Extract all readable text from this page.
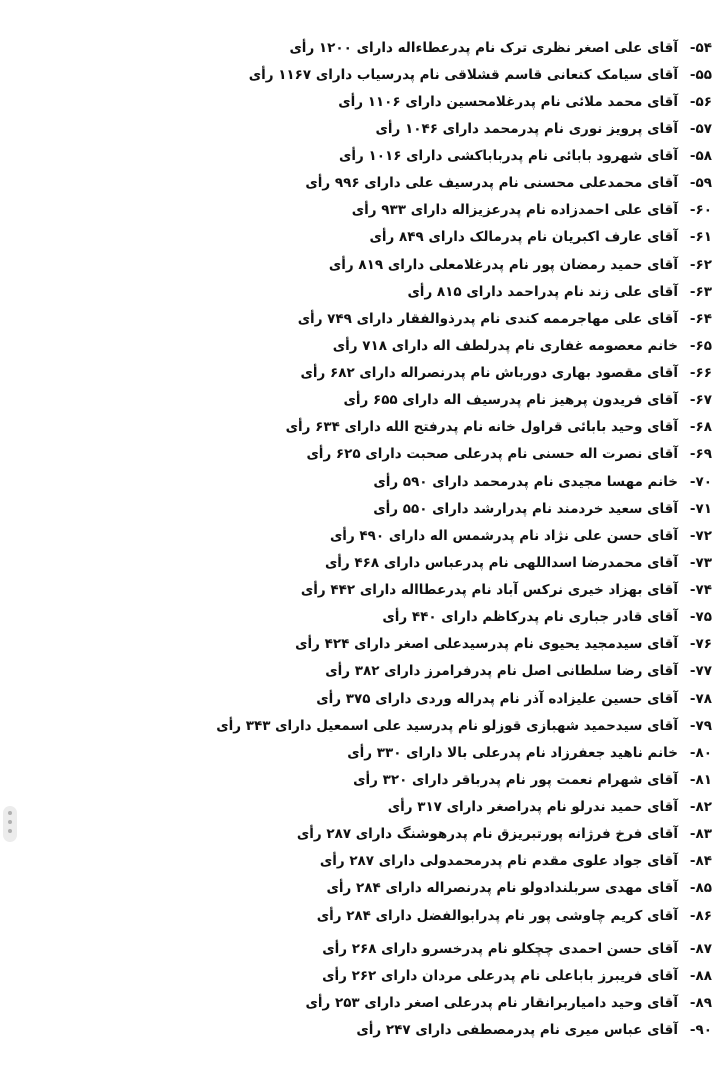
۵۴-
آقای علی اصغر نظری ترک نام پدرعطاءاله دارای ۱۲۰۰ رأی
۵۵-
آقای سیامک کنعانی قاسم قشلاقی نام پدرسیاب دارای ۱۱۶۷ رأی
۵۶-
آقای محمد ملائی نام پدرغلامحسین دارای ۱۱۰۶ رأی
۵۷-
آقای پرویز نوری نام پدرمحمد دارای ۱۰۴۶ رأی
۵۸-
آقای شهرود بابائی نام پدرباباکشی دارای ۱۰۱۶ رأی
۵۹-
آقای محمدعلی محسنی نام پدرسیف علی دارای ۹۹۶ رأی
۶۰-
آقای علی احمدزاده نام پدرعزیزاله دارای ۹۳۳ رأی
۶۱-
آقای عارف اکبریان نام پدرمالک دارای ۸۴۹ رأی
۶۲-
آقای حمید رمضان پور نام پدرغلامعلی دارای ۸۱۹ رأی
۶۳-
آقای علی زند نام پدراحمد دارای ۸۱۵ رأی
۶۴-
آقای علی مهاجرممه کندی نام پدرذوالفقار دارای ۷۴۹ رأی
۶۵-
خانم معصومه غفاری نام پدرلطف اله دارای ۷۱۸ رأی
۶۶-
آقای مقصود بهاری دورباش نام پدرنصراله دارای ۶۸۲ رأی
۶۷-
آقای فریدون پرهیز نام پدرسیف اله دارای ۶۵۵ رأی
۶۸-
آقای وحید بابائی قراول خانه نام پدرفتح الله دارای ۶۳۴ رأی
۶۹-
آقای نصرت اله حسنی نام پدرعلی صحبت دارای ۶۲۵ رأی
۷۰-
خانم مهسا مجیدی نام پدرمحمد دارای ۵۹۰ رأی
۷۱-
آقای سعید خردمند نام پدرارشد دارای ۵۵۰ رأی
۷۲-
آقای حسن علی نژاد نام پدرشمس اله دارای ۴۹۰ رأی
۷۳-
آقای محمدرضا اسداللهی نام پدرعباس دارای ۴۶۸ رأی
۷۴-
آقای بهزاد خیری نرکس آباد نام پدرعطااله دارای ۴۴۲ رأی
۷۵-
آقای قادر جباری نام پدرکاظم دارای ۴۴۰ رأی
۷۶-
آقای سیدمجید یحیوی نام پدرسیدعلی اصغر دارای ۴۲۴ رأی
۷۷-
آقای رضا سلطانی اصل نام پدرفرامرز دارای ۳۸۲ رأی
۷۸-
آقای حسین علیزاده آذر نام پدراله وردی دارای ۳۷۵ رأی
۷۹-
آقای سیدحمید شهبازی قوزلو نام پدرسید علی اسمعیل دارای ۳۴۳ رأی
۸۰-
خانم ناهید جعفرزاد نام پدرعلی بالا دارای ۳۳۰ رأی
۸۱-
آقای شهرام نعمت پور نام پدرباقر دارای ۳۲۰ رأی
۸۲-
آقای حمید ندرلو نام پدراصغر دارای ۳۱۷ رأی
۸۳-
آقای فرخ فرژانه پورتبریزق نام پدرهوشنگ دارای ۲۸۷ رأی
۸۴-
آقای جواد علوی مقدم نام پدرمحمدولی دارای ۲۸۷ رأی
۸۵-
آقای مهدی سربلندادولو نام پدرنصراله دارای ۲۸۴ رأی
۸۶-
آقای کریم چاوشی پور نام پدرابوالفضل دارای ۲۸۴ رأی
۸۷-
آقای حسن احمدی چچکلو نام پدرخسرو دارای ۲۶۸ رأی
۸۸-
آقای فریبرز باباعلی نام پدرعلی مردان دارای ۲۶۲ رأی
۸۹-
آقای وحید دامیاربرانقار نام پدرعلی اصغر دارای ۲۵۳ رأی
۹۰-
آقای عباس میری نام پدرمصطفی دارای ۲۴۷ رأی
